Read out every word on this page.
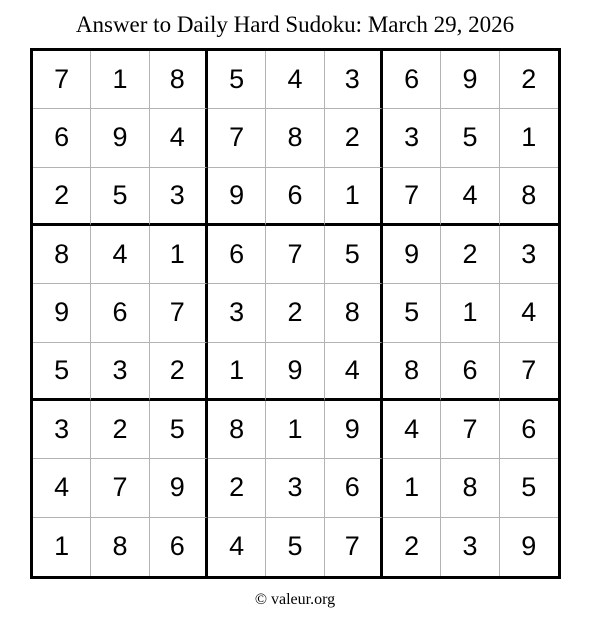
Answer to Daily Hard Sudoku: March 29, 2026
7	1	8	5	4	3	6	9	2
6	9	4	7	8	2	3	5	1
2	5	3	9	6	1	7	4	8
8	4	1	6	7	5	9	2	3
9	6	7	3	2	8	5	1	4
5	3	2	1	9	4	8	6	7
3	2	5	8	1	9	4	7	6
4	7	9	2	3	6	1	8	5
1	8	6	4	5	7	2	3	9
© valeur.org
